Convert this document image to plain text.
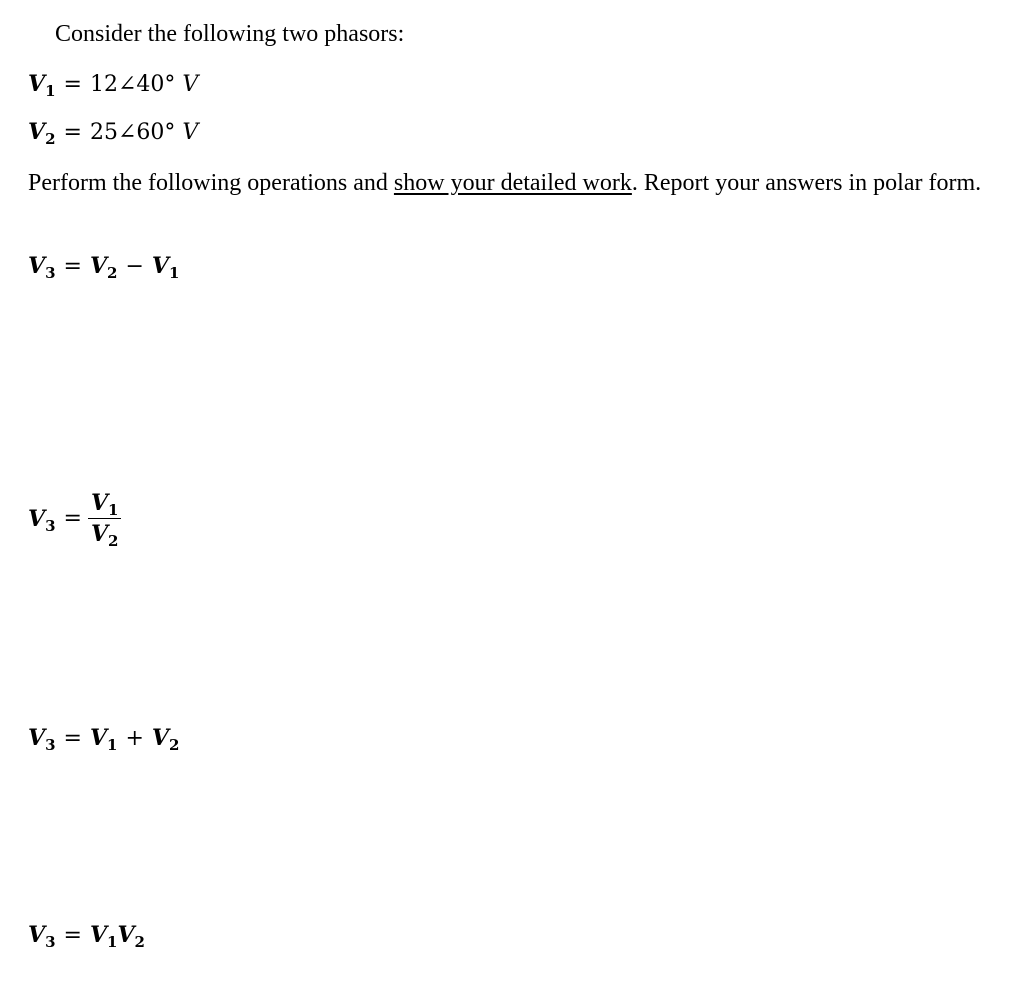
Consider the following two phasors:
$V_1$ = 12∠40° V
$V_2$ = 25∠60° V
Perform the following operations and show your detailed work. Report your answers in polar form.
$V_3 = V_2 - V_1$
$V_3 = \frac{V_1}{V_2}$
$V_3 = V_1 + V_2$
$V_3 = V_1V_2$
